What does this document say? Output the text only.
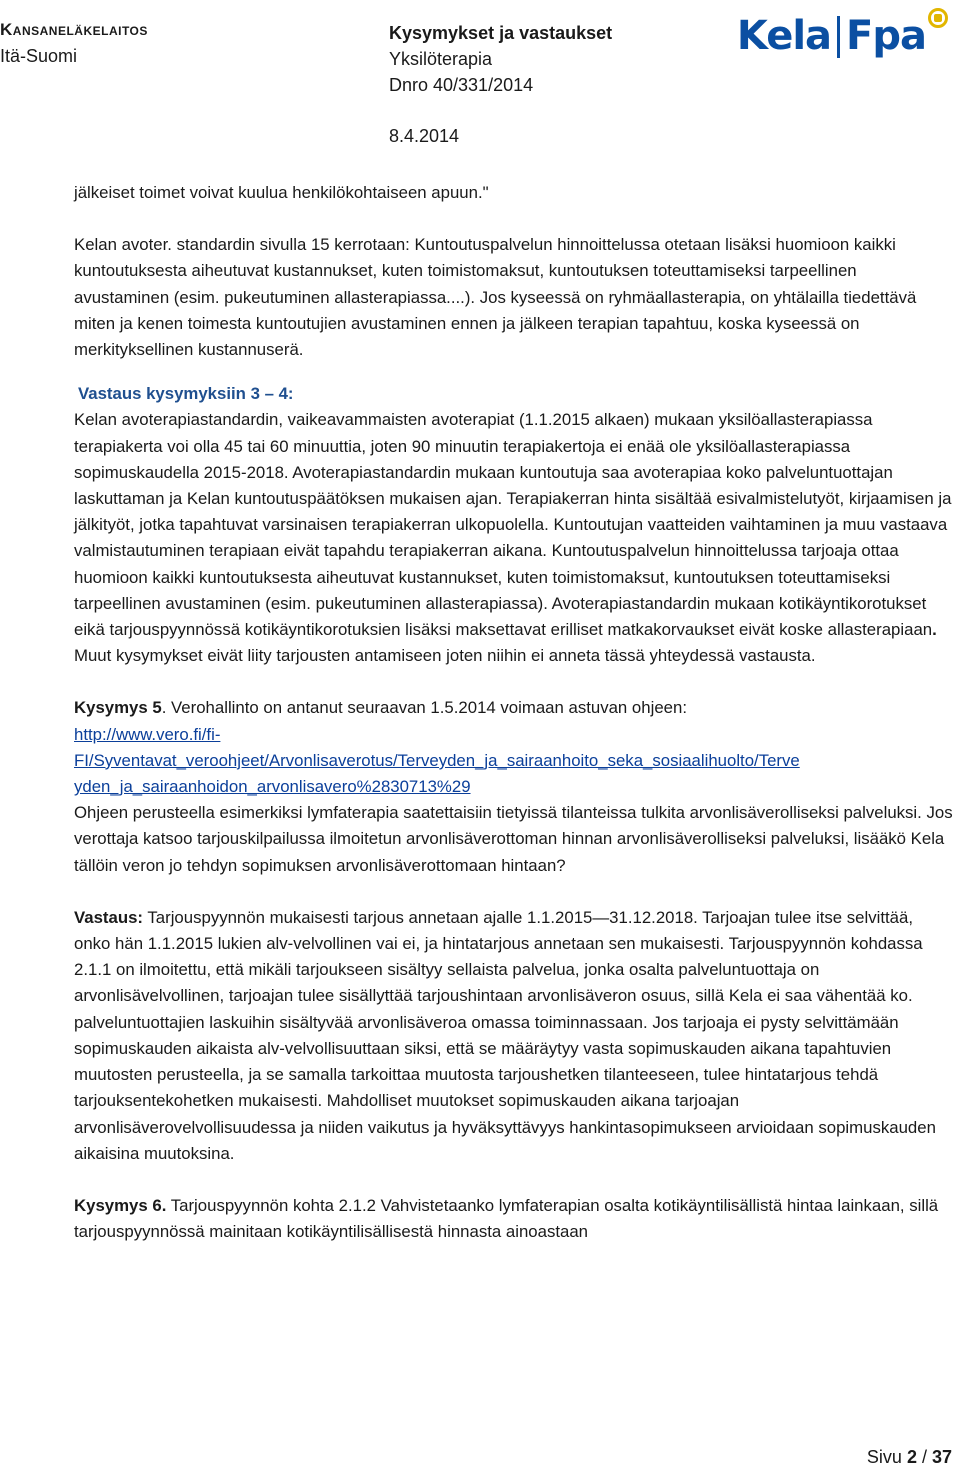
Kansaneläkelaitos
Itä-Suomi
Kysymykset ja vastaukset
Yksilöterapia
Dnro 40/331/2014
8.4.2014
Kela Fpa

jälkeiset toimet voivat kuulua henkilökohtaiseen apuun."

Kelan avoter. standardin sivulla 15 kerrotaan: Kuntoutuspalvelun hinnoittelussa otetaan lisäksi huomioon kaikki kuntoutuksesta aiheutuvat kustannukset, kuten toimistomaksut, kuntoutuksen toteuttamiseksi tarpeellinen avustaminen (esim. pukeutuminen allasterapiassa....). Jos kyseessä on ryhmäallasterapia, on yhtälailla tiedettävä miten ja kenen toimesta kuntoutujien avustaminen ennen ja jälkeen terapian tapahtuu, koska kyseessä on merkityksellinen kustannuserä.

Vastaus kysymyksiin 3 – 4:

Kelan avoterapiastandardin, vaikeavammaisten avoterapiat (1.1.2015 alkaen) mukaan yksilöallasterapiassa terapiakerta voi olla 45 tai 60 minuuttia, joten 90 minuutin terapiakertoja ei enää ole yksilöallasterapiassa sopimuskaudella 2015-2018. Avoterapiastandardin mukaan kuntoutuja saa avoterapiaa koko palveluntuottajan laskuttaman ja Kelan kuntoutuspäätöksen mukaisen ajan. Terapiakerran hinta sisältää esivalmistelutyöt, kirjaamisen ja jälkityöt, jotka tapahtuvat varsinaisen terapiakerran ulkopuolella. Kuntoutujan vaatteiden vaihtaminen ja muu vastaava valmistautuminen terapiaan eivät tapahdu terapiakerran aikana. Kuntoutuspalvelun hinnoittelussa tarjoaja ottaa huomioon kaikki kuntoutuksesta aiheutuvat kustannukset, kuten toimistomaksut, kuntoutuksen toteuttamiseksi tarpeellinen avustaminen (esim. pukeutuminen allasterapiassa). Avoterapiastandardin mukaan kotikäyntikorotukset eikä tarjouspyynnössä kotikäyntikorotuksien lisäksi maksettavat erilliset matkakorvaukset eivät koske allasterapiaan. Muut kysymykset eivät liity tarjousten antamiseen joten niihin ei anneta tässä yhteydessä vastausta.

Kysymys 5. Verohallinto on antanut seuraavan 1.5.2014 voimaan astuvan ohjeen:
http://www.vero.fi/fi-
FI/Syventavat_veroohjeet/Arvonlisaverotus/Terveyden_ja_sairaanhoito_seka_sosiaalihuolto/Terve
yden_ja_sairaanhoidon_arvonlisavero%2830713%29
Ohjeen perusteella esimerkiksi lymfaterapia saatettaisiin tietyissä tilanteissa tulkita arvonlisäverolliseksi palveluksi. Jos verottaja katsoo tarjouskilpailussa ilmoitetun arvonlisäverottoman hinnan arvonlisäverolliseksi palveluksi, lisääkö Kela tällöin veron jo tehdyn sopimuksen arvonlisäverottomaan hintaan?

Vastaus: Tarjouspyynnön mukaisesti tarjous annetaan ajalle 1.1.2015—31.12.2018. Tarjoajan tulee itse selvittää, onko hän 1.1.2015 lukien alv-velvollinen vai ei, ja hintatarjous annetaan sen mukaisesti. Tarjouspyynnön kohdassa 2.1.1 on ilmoitettu, että mikäli tarjoukseen sisältyy sellaista palvelua, jonka osalta palveluntuottaja on arvonlisävelvollinen, tarjoajan tulee sisällyttää tarjoushintaan arvonlisäveron osuus, sillä Kela ei saa vähentää ko. palveluntuottajien laskuihin sisältyvää arvonlisäveroa omassa toiminnassaan. Jos tarjoaja ei pysty selvittämään sopimuskauden aikaista alv-velvollisuuttaan siksi, että se määräytyy vasta sopimuskauden aikana tapahtuvien muutosten perusteella, ja se samalla tarkoittaa muutosta tarjoushetken tilanteeseen, tulee hintatarjous tehdä tarjouksentekohetken mukaisesti. Mahdolliset muutokset sopimuskauden aikana tarjoajan arvonlisäverovelvollisuudessa ja niiden vaikutus ja hyväksyttävyys hankintasopimukseen arvioidaan sopimuskauden aikaisina muutoksina.

Kysymys 6. Tarjouspyynnön kohta 2.1.2 Vahvistetaanko lymfaterapian osalta kotikäyntilisällistä hintaa lainkaan, sillä tarjouspyynnössä mainitaan kotikäyntilisällisestä hinnasta ainoastaan

Sivu 2 / 37
